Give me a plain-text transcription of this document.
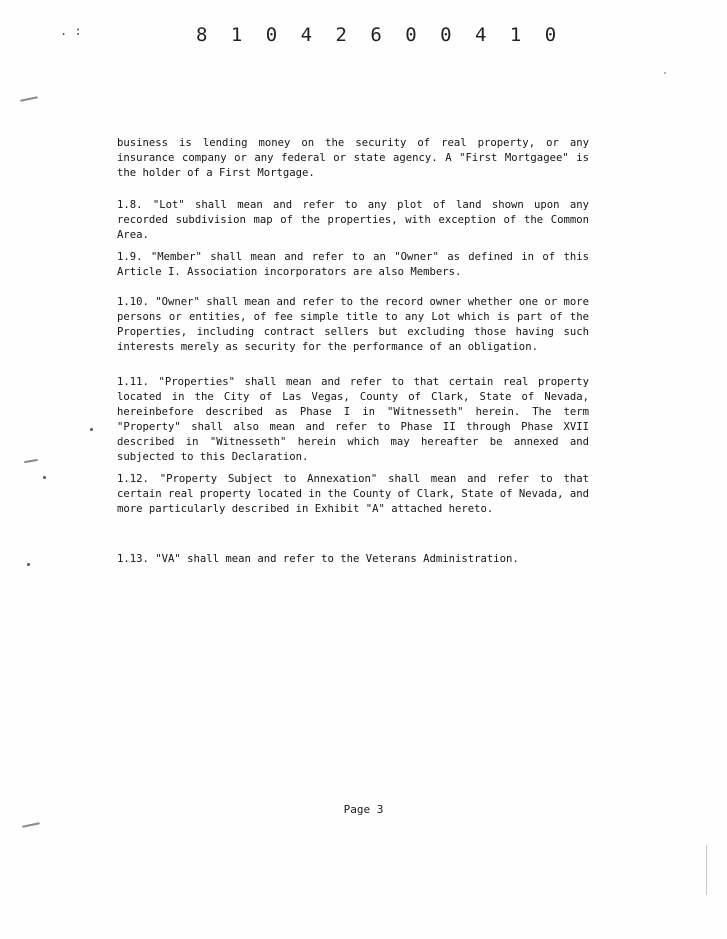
. :	8 1 0 4 2 6 0 0 4 1 0

business is lending money on the security of real property, or any insurance company or any federal or state agency. A "First Mortgagee" is the holder of a First Mortgage.

1.8. "Lot" shall mean and refer to any plot of land shown upon any recorded subdivision map of the properties, with exception of the Common Area.

1.9. "Member" shall mean and refer to an "Owner" as defined in of this Article I. Association incorporators are also Members.

1.10. "Owner" shall mean and refer to the record owner whether one or more persons or entities, of fee simple title to any Lot which is part of the Properties, including contract sellers but excluding those having such interests merely as security for the performance of an obligation.

1.11. "Properties" shall mean and refer to that certain real property located in the City of Las Vegas, County of Clark, State of Nevada, hereinbefore described as Phase I in "Witnesseth" herein. The term "Property" shall also mean and refer to Phase II through Phase XVII described in "Witnesseth" herein which may hereafter be annexed and subjected to this Declaration.

1.12. "Property Subject to Annexation" shall mean and refer to that certain real property located in the County of Clark, State of Nevada, and more particularly described in Exhibit "A" attached hereto.

1.13. "VA" shall mean and refer to the Veterans Administration.

Page 3
